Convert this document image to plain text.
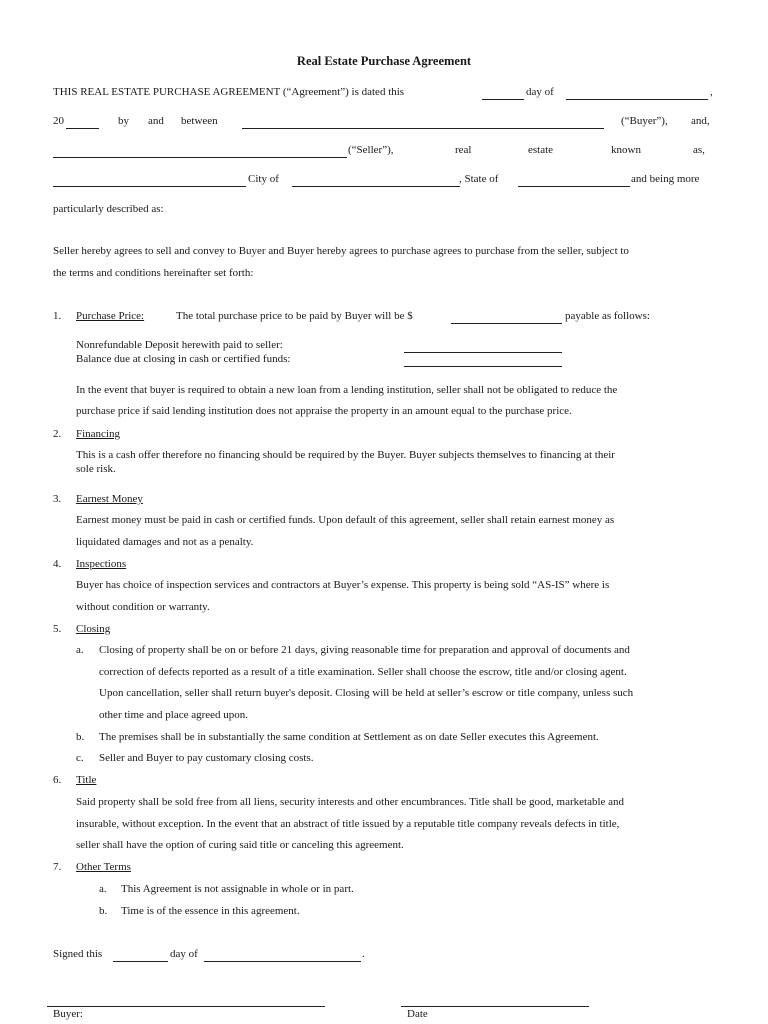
Real Estate Purchase Agreement
THIS REAL ESTATE PURCHASE AGREEMENT (“Agreement”) is dated this	day of	,
20	by and between	(“Buyer”), and,
(“Seller”),	real	estate	known	as,
City of	, State of	and being more
particularly described as:
Seller hereby agrees to sell and convey to Buyer and Buyer hereby agrees to purchase agrees to purchase from the seller, subject to
the terms and conditions hereinafter set forth:
1. Purchase Price:	The total purchase price to be paid by Buyer will be $	payable as follows:
Nonrefundable Deposit herewith paid to seller:
Balance due at closing in cash or certified funds:
In the event that buyer is required to obtain a new loan from a lending institution, seller shall not be obligated to reduce the
purchase price if said lending institution does not appraise the property in an amount equal to the purchase price.
2. Financing
This is a cash offer therefore no financing should be required by the Buyer. Buyer subjects themselves to financing at their
sole risk.
3. Earnest Money
Earnest money must be paid in cash or certified funds. Upon default of this agreement, seller shall retain earnest money as
liquidated damages and not as a penalty.
4. Inspections
Buyer has choice of inspection services and contractors at Buyer’s expense. This property is being sold “AS-IS” where is
without condition or warranty.
5. Closing
a. Closing of property shall be on or before 21 days, giving reasonable time for preparation and approval of documents and
correction of defects reported as a result of a title examination. Seller shall choose the escrow, title and/or closing agent.
Upon cancellation, seller shall return buyer's deposit. Closing will be held at seller’s escrow or title company, unless such
other time and place agreed upon.
b. The premises shall be in substantially the same condition at Settlement as on date Seller executes this Agreement.
c. Seller and Buyer to pay customary closing costs.
6. Title
Said property shall be sold free from all liens, security interests and other encumbrances. Title shall be good, marketable and
insurable, without exception. In the event that an abstract of title issued by a reputable title company reveals defects in title,
seller shall have the option of curing said title or canceling this agreement.
7. Other Terms
a. This Agreement is not assignable in whole or in part.
b. Time is of the essence in this agreement.
Signed this	day of	.
Buyer:	Date
